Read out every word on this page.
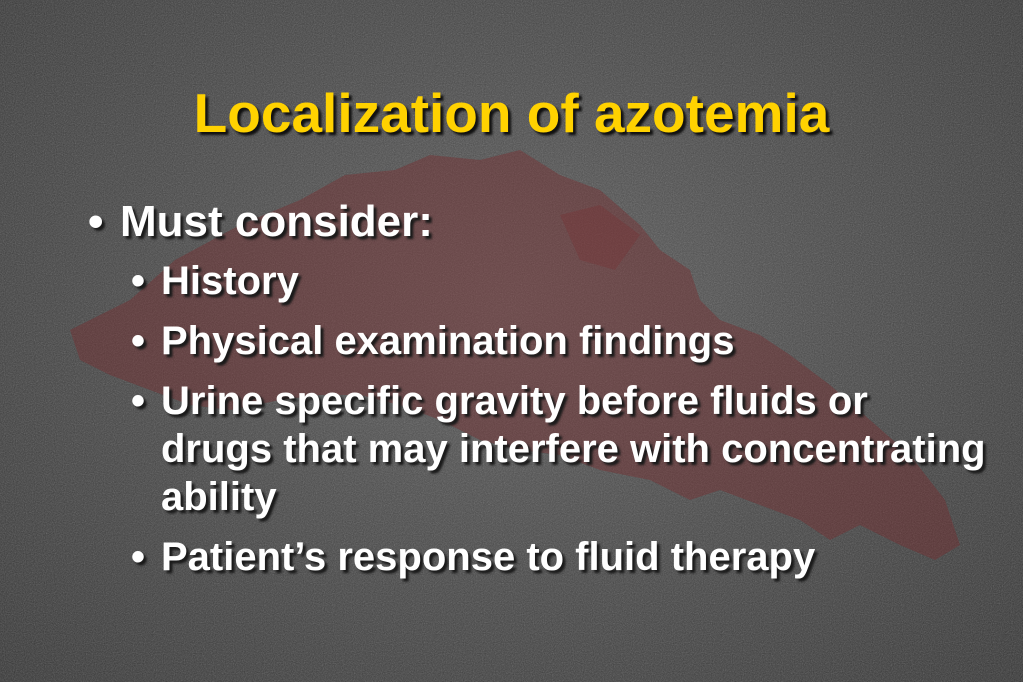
Localization of azotemia
• Must consider:
• History
• Physical examination findings
• Urine specific gravity before fluids or drugs that may interfere with concentrating ability
• Patient’s response to fluid therapy
